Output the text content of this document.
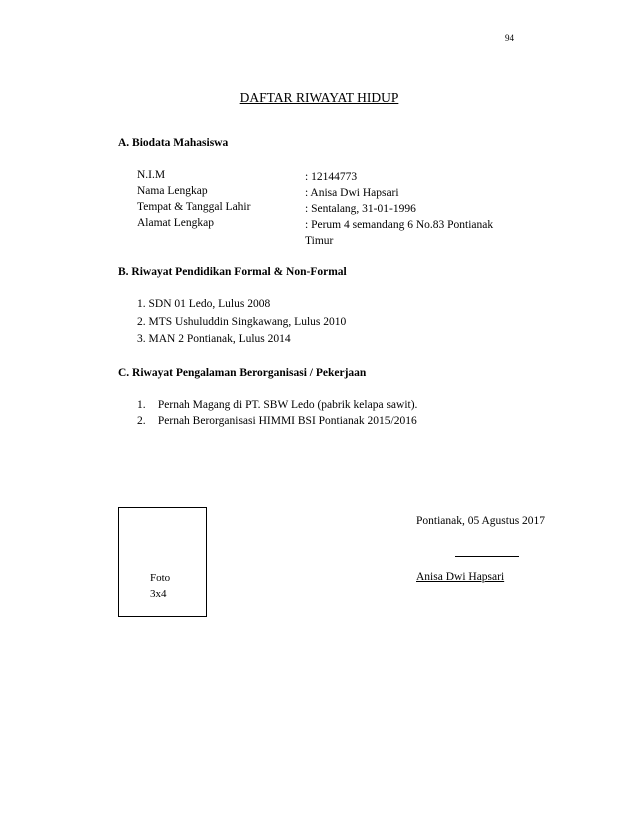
94
DAFTAR RIWAYAT HIDUP
A. Biodata Mahasiswa
N.I.M	: 12144773
Nama Lengkap	: Anisa Dwi Hapsari
Tempat & Tanggal Lahir	: Sentalang, 31-01-1996
Alamat Lengkap	: Perum 4 semandang 6 No.83 Pontianak Timur
B. Riwayat Pendidikan Formal & Non-Formal
1. SDN 01 Ledo, Lulus 2008
2. MTS Ushuluddin Singkawang, Lulus 2010
3. MAN 2 Pontianak, Lulus 2014
C. Riwayat Pengalaman Berorganisasi / Pekerjaan
1. Pernah Magang di PT. SBW Ledo (pabrik kelapa sawit).
2. Pernah Berorganisasi HIMMI BSI Pontianak 2015/2016
Foto
3x4
Pontianak, 05 Agustus 2017
Anisa Dwi Hapsari
